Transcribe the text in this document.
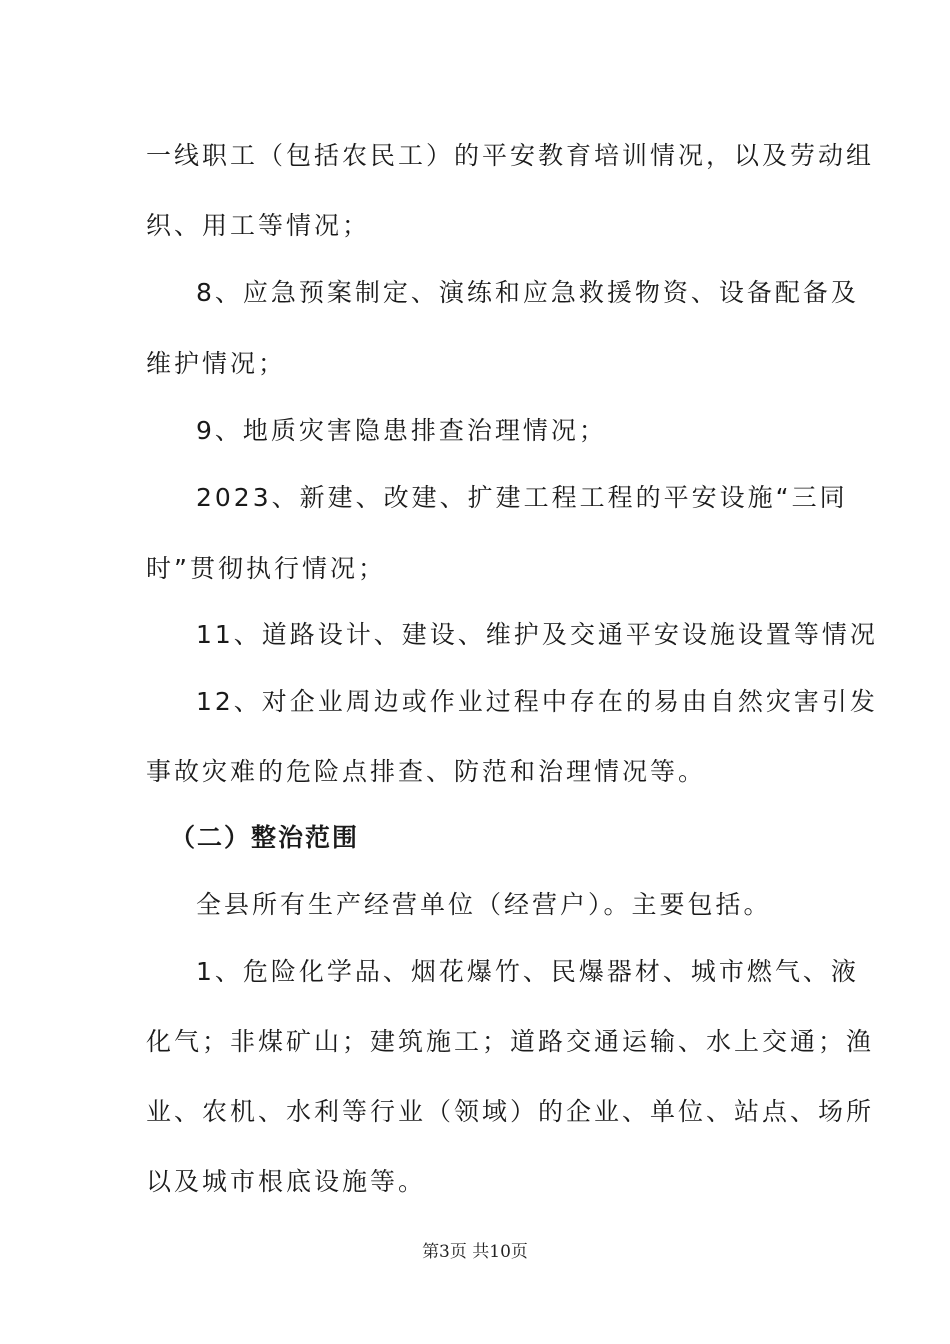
一线职工（包括农民工）的平安教育培训情况，以及劳动组
织、用工等情况；
8、应急预案制定、演练和应急救援物资、设备配备及
维护情况；
9、地质灾害隐患排查治理情况；
2023、新建、改建、扩建工程工程的平安设施“三同
时”贯彻执行情况；
11、道路设计、建设、维护及交通平安设施设置等情况
12、对企业周边或作业过程中存在的易由自然灾害引发
事故灾难的危险点排查、防范和治理情况等。
（二）整治范围
全县所有生产经营单位（经营户）。主要包括。
1、危险化学品、烟花爆竹、民爆器材、城市燃气、液
化气；非煤矿山；建筑施工；道路交通运输、水上交通；渔
业、农机、水利等行业（领域）的企业、单位、站点、场所
以及城市根底设施等。
第3页 共10页
